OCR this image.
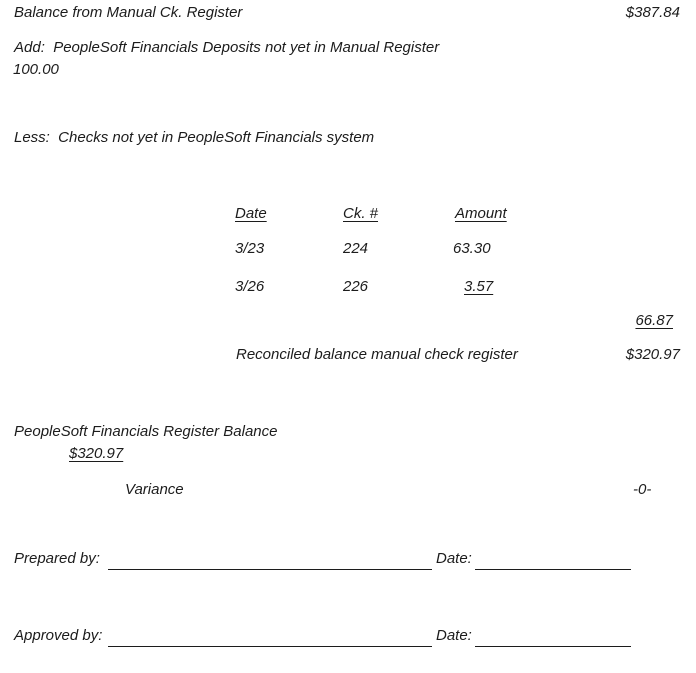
Balance from Manual Ck. Register	$387.84
Add:  PeopleSoft Financials Deposits not yet in Manual Register
100.00
Less:  Checks not yet in PeopleSoft Financials system
Date	Ck. #	Amount
3/23	224	63.30
3/26	226	3.57
66.87
Reconciled balance manual check register	$320.97
PeopleSoft Financials Register Balance
$320.97
Variance	-0-
Prepared by:	Date:
Approved by:	Date:
